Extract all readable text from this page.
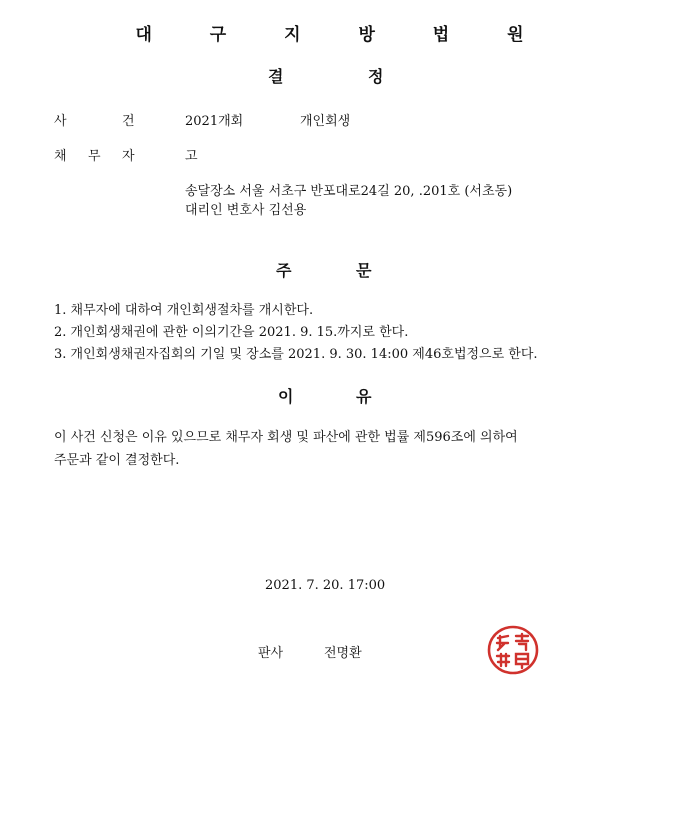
대 구 지 방 법 원
결	정
사	건	2021개회	개인회생
채 무 자	고
송달장소 서울 서초구 반포대로24길 20, .201호 (서초동)
대리인 변호사 김선용
주	문
1. 채무자에 대하여 개인회생절차를 개시한다.
2. 개인회생채권에 관한 이의기간을 2021. 9. 15.까지로 한다.
3. 개인회생채권자집회의 기일 및 장소를 2021. 9. 30. 14:00 제46호법정으로 한다.
이	유
이 사건 신청은 이유 있으므로 채무자 회생 및 파산에 관한 법률 제596조에 의하여
주문과 같이 결정한다.
2021. 7. 20. 17:00
판사	전명환
